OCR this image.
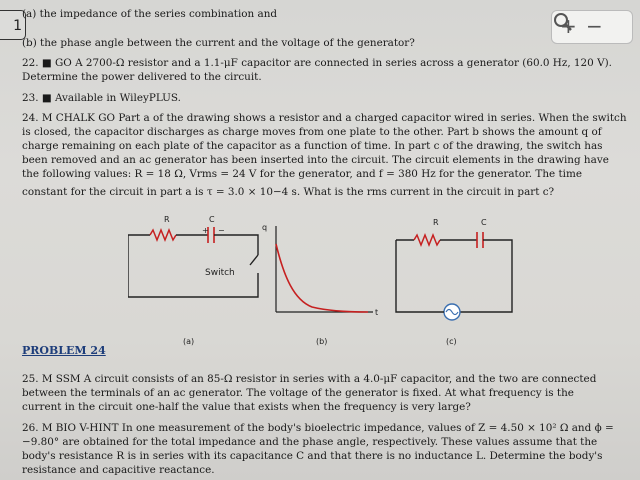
1	+ −
(a) the impedance of the series combination and
(b) the phase angle between the current and the voltage of the generator?
22. ■ GO A 2700-Ω resistor and a 1.1-μF capacitor are connected in series across a generator (60.0 Hz, 120 V).
Determine the power delivered to the circuit.
23. ■ Available in WileyPLUS.
24. M CHALK GO Part a of the drawing shows a resistor and a charged capacitor wired in series. When the switch
is closed, the capacitor discharges as charge moves from one plate to the other. Part b shows the amount q of
charge remaining on each plate of the capacitor as a function of time. In part c of the drawing, the switch has
been removed and an ac generator has been inserted into the circuit. The circuit elements in the drawing have
the following values: R = 18 Ω, Vrms = 24 V for the generator, and f = 380 Hz for the generator. The time
constant for the circuit in part a is τ = 3.0 × 10−4 s. What is the rms current in the circuit in part c?
R	C
+ −
Switch
(a)
q
t
(b)
R	C
(c)
PROBLEM 24
25. M SSM A circuit consists of an 85-Ω resistor in series with a 4.0-μF capacitor, and the two are connected
between the terminals of an ac generator. The voltage of the generator is fixed. At what frequency is the
current in the circuit one-half the value that exists when the frequency is very large?
26. M BIO V-HINT In one measurement of the body's bioelectric impedance, values of Z = 4.50 × 10² Ω and ϕ =
−9.80° are obtained for the total impedance and the phase angle, respectively. These values assume that the
body's resistance R is in series with its capacitance C and that there is no inductance L. Determine the body's
resistance and capacitive reactance.
